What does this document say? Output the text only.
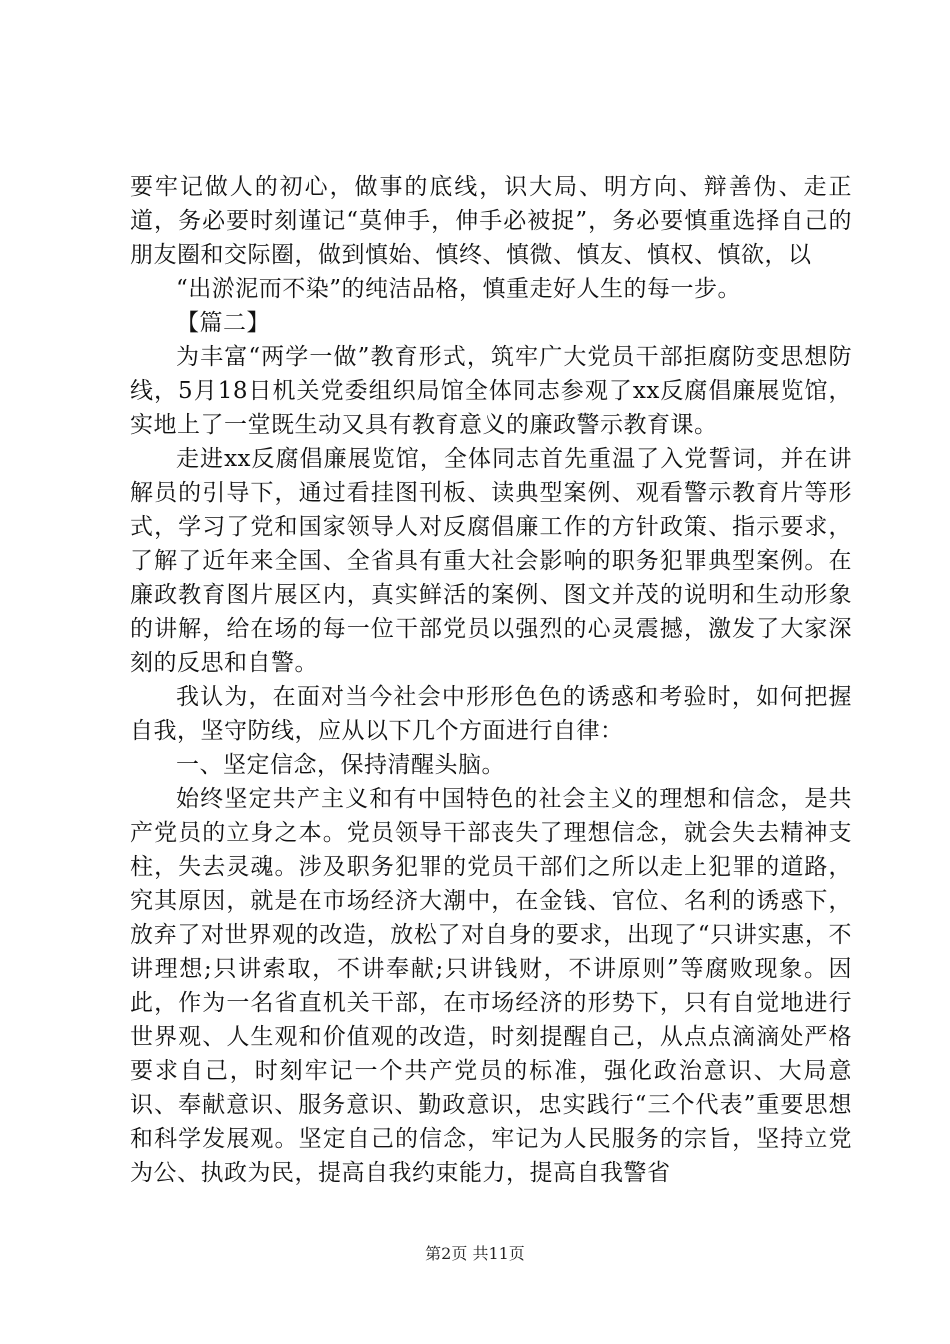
要牢记做人的初心，做事的底线，识大局、明方向、辩善伪、走正道，务必要时刻谨记“莫伸手，伸手必被捉”，务必要慎重选择自己的朋友圈和交际圈，做到慎始、慎终、慎微、慎友、慎权、慎欲，以

“出淤泥而不染”的纯洁品格，慎重走好人生的每一步。

【篇二】

为丰富“两学一做”教育形式，筑牢广大党员干部拒腐防变思想防线，5月18日机关党委组织局馆全体同志参观了xx反腐倡廉展览馆，实地上了一堂既生动又具有教育意义的廉政警示教育课。

走进xx反腐倡廉展览馆，全体同志首先重温了入党誓词，并在讲解员的引导下，通过看挂图刊板、读典型案例、观看警示教育片等形式，学习了党和国家领导人对反腐倡廉工作的方针政策、指示要求，了解了近年来全国、全省具有重大社会影响的职务犯罪典型案例。在廉政教育图片展区内，真实鲜活的案例、图文并茂的说明和生动形象的讲解，给在场的每一位干部党员以强烈的心灵震撼，激发了大家深刻的反思和自警。

我认为，在面对当今社会中形形色色的诱惑和考验时，如何把握自我，坚守防线，应从以下几个方面进行自律：

一、坚定信念，保持清醒头脑。

始终坚定共产主义和有中国特色的社会主义的理想和信念，是共产党员的立身之本。党员领导干部丧失了理想信念，就会失去精神支柱，失去灵魂。涉及职务犯罪的党员干部们之所以走上犯罪的道路，究其原因，就是在市场经济大潮中，在金钱、官位、名利的诱惑下，放弃了对世界观的改造，放松了对自身的要求，出现了“只讲实惠，不讲理想;只讲索取，不讲奉献;只讲钱财，不讲原则”等腐败现象。因此，作为一名省直机关干部，在市场经济的形势下，只有自觉地进行世界观、人生观和价值观的改造，时刻提醒自己，从点点滴滴处严格要求自己，时刻牢记一个共产党员的标准，强化政治意识、大局意识、奉献意识、服务意识、勤政意识，忠实践行“三个代表”重要思想和科学发展观。坚定自己的信念，牢记为人民服务的宗旨，坚持立党为公、执政为民，提高自我约束能力，提高自我警省

第2页 共11页
